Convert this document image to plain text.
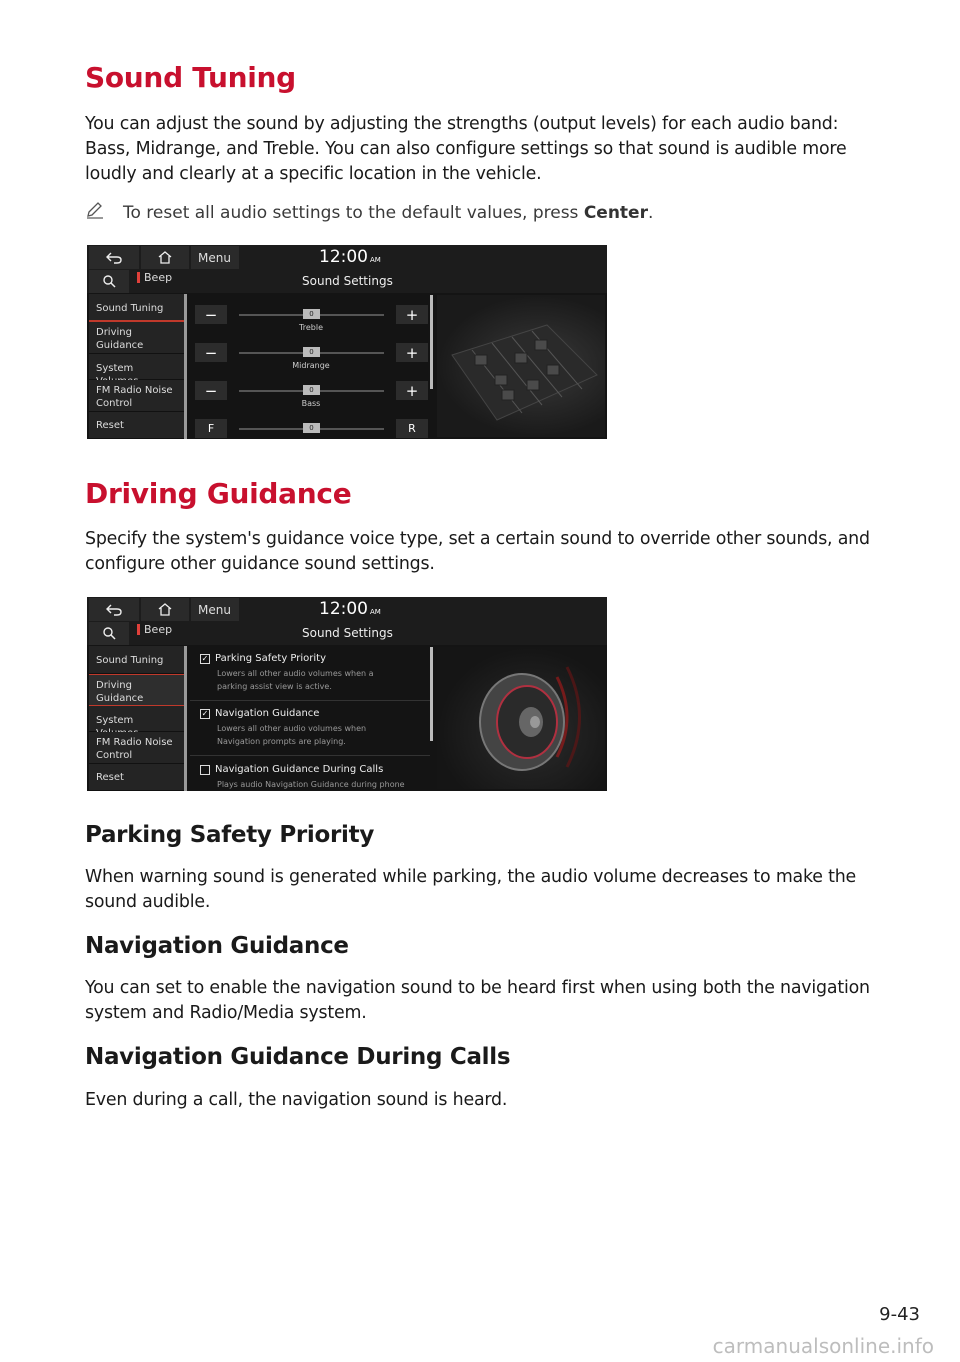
Sound Tuning
You can adjust the sound by adjusting the strengths (output levels) for each audio band: Bass, Midrange, and Treble. You can also configure settings so that sound is audible more loudly and clearly at a specific location in the vehicle.
To reset all audio settings to the default values, press Center.
Menu	12:00 AM
Beep	Sound Settings
Sound Tuning
Driving Guidance
System
FM Radio Noise Control
Reset
−	0
Treble
+
−	0
Midrange
+
−	0
Bass
+
F	0	R
Driving Guidance
Specify the system's guidance voice type, set a certain sound to override other sounds, and configure other guidance sound settings.
Menu	12:00 AM
Beep	Sound Settings
Sound Tuning
Driving Guidance
System
FM Radio Noise Control
Reset
✓ Parking Safety Priority
Lowers all other audio volumes when a
parking assist view is active.
✓ Navigation Guidance
Lowers all other audio volumes when
Navigation prompts are playing.
Navigation Guidance During Calls
Plays audio Navigation Guidance during phone
Parking Safety Priority
When warning sound is generated while parking, the audio volume decreases to make the sound audible.
Navigation Guidance
You can set to enable the navigation sound to be heard first when using both the navigation system and Radio/Media system.
Navigation Guidance During Calls
Even during a call, the navigation sound is heard.
9-43
carmanualsonline.info
